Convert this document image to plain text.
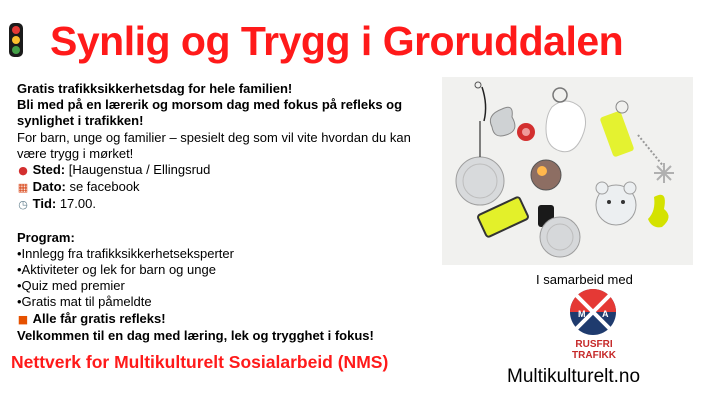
Synlig og Trygg i Groruddalen
Gratis trafikksikkerhetsdag for hele familien!
Bli med på en lærerik og morsom dag med fokus på refleks og
synlighet i trafikken!
For barn, unge og familier – spesielt deg som vil vite hvordan du kan
være trygg i mørket!
● Sted: [Haugenstua / Ellingsrud
▦ Dato: se facebook
◷ Tid: 17.00.
Program:
•Innlegg fra trafikksikkerhetseksperter
•Aktiviteter og lek for barn og unge
•Quiz med premier
•Gratis mat til påmeldte
■ Alle får gratis refleks!
Velkommen til en dag med læring, lek og trygghet i fokus!
Nettverk for Multikulturelt Sosialarbeid (NMS)
I samarbeid med
M A
RUSFRI
TRAFIKK
Multikulturelt.no
